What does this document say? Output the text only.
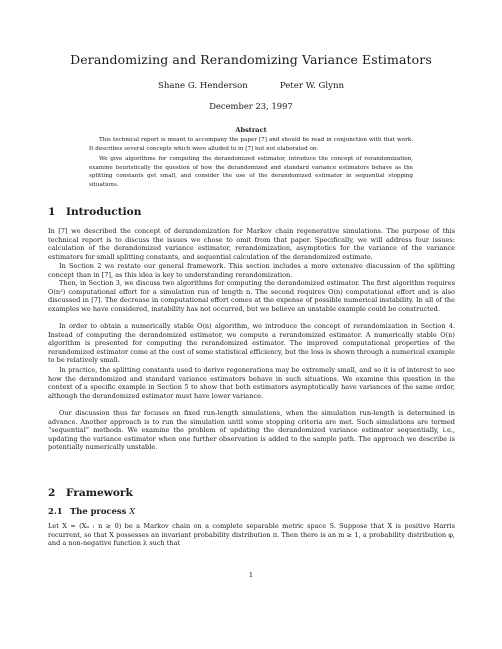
Derandomizing and Rerandomizing Variance Estimators
Shane G. Henderson	Peter W. Glynn
December 23, 1997
Abstract

This technical report is meant to accompany the paper [7] and should be read in conjunction with that work. It describes several concepts which were alluded to in [7] but not elaborated on.

We give algorithms for computing the derandomized estimator, introduce the concept of rerandomization, examine heuristically the question of how the derandomized and standard variance estimators behave as the splitting constants get small, and consider the use of the derandomized estimator in sequential stopping situations.

1 Introduction

In [7] we described the concept of derandomization for Markov chain regenerative simulations. The purpose of this technical report is to discuss the issues we chose to omit from that paper. Specifically, we will address four issues: calculation of the derandomized variance estimator, rerandomization, asymptotics for the variance of the variance estimators for small splitting constants, and sequential calculation of the derandomized estimate.

In Section 2 we restate our general framework. This section includes a more extensive discussion of the splitting concept than in [7], as this idea is key to understanding rerandomization.

Then, in Section 3, we discuss two algorithms for computing the derandomized estimator. The first algorithm requires O(n²) computational effort for a simulation run of length n. The second requires O(n) computational effort and is also discussed in [7]. The decrease in computational effort comes at the expense of possible numerical instability. In all of the examples we have considered, instability has not occurred, but we believe an unstable example could be constructed.

In order to obtain a numerically stable O(n) algorithm, we introduce the concept of rerandomization in Section 4. Instead of computing the derandomized estimator, we compute a rerandomized estimator. A numerically stable O(n) algorithm is presented for computing the rerandomized estimator. The improved computational properties of the rerandomized estimator come at the cost of some statistical efficiency, but the loss is shown through a numerical example to be relatively small.

In practice, the splitting constants used to derive regenerations may be extremely small, and so it is of interest to see how the derandomized and standard variance estimators behave in such situations. We examine this question in the context of a specific example in Section 5 to show that both estimators asymptotically have variances of the same order, although the derandomized estimator must have lower variance.

Our discussion thus far focuses on fixed run-length simulations, when the simulation run-length is determined in advance. Another approach is to run the simulation until some stopping criteria are met. Such simulations are termed “sequential” methods. We examine the problem of updating the derandomized variance estimator sequentially, i.e., updating the variance estimator when one further observation is added to the sample path. The approach we describe is potentially numerically unstable.

2 Framework
2.1 The process X

Let X = (Xₙ : n ≥ 0) be a Markov chain on a complete separable metric space S. Suppose that X is positive Harris recurrent, so that X possesses an invariant probability distribution π. Then there is an m ≥ 1, a probability distribution φ, and a non-negative function λ such that

1
